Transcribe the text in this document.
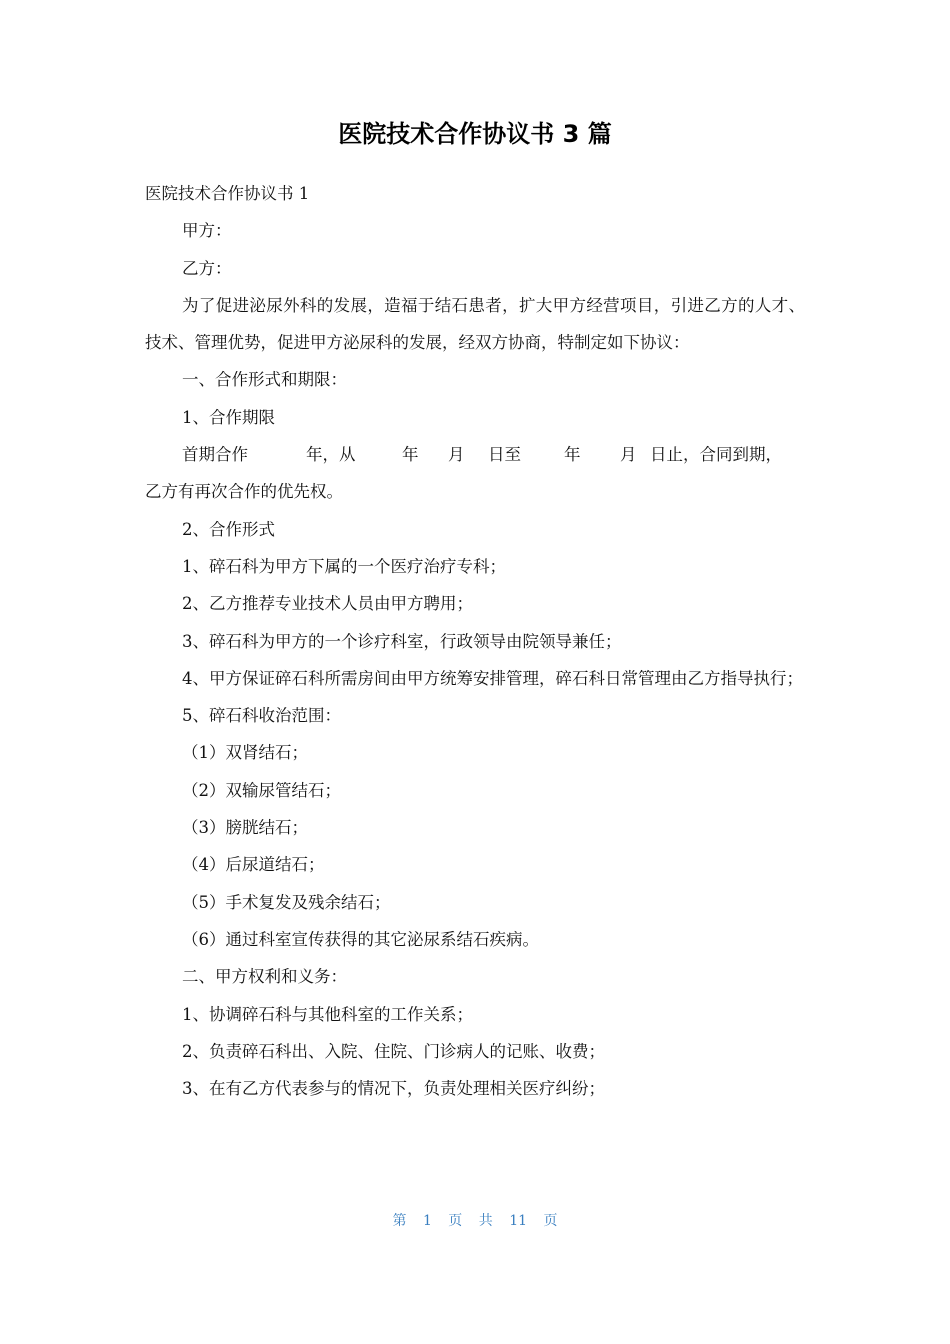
医院技术合作协议书 3 篇

医院技术合作协议书 1

甲方：

乙方：

为了促进泌尿外科的发展，造福于结石患者，扩大甲方经营项目，引进乙方的人才、技术、管理优势，促进甲方泌尿科的发展，经双方协商，特制定如下协议：

一、合作形式和期限：

1、合作期限

首期合作	年，从	年	月	日至	年	月 日止，合同到期，

乙方有再次合作的优先权。

2、合作形式

1、碎石科为甲方下属的一个医疗治疗专科；

2、乙方推荐专业技术人员由甲方聘用；

3、碎石科为甲方的一个诊疗科室，行政领导由院领导兼任；

4、甲方保证碎石科所需房间由甲方统筹安排管理，碎石科日常管理由乙方指导执行；

5、碎石科收治范围：

（1）双肾结石；

（2）双输尿管结石；

（3）膀胱结石；

（4）后尿道结石；

（5）手术复发及残余结石；

（6）通过科室宣传获得的其它泌尿系结石疾病。

二、甲方权利和义务：

1、协调碎石科与其他科室的工作关系；

2、负责碎石科出、入院、住院、门诊病人的记账、收费；

3、在有乙方代表参与的情况下，负责处理相关医疗纠纷；

第 1 页 共 11 页
